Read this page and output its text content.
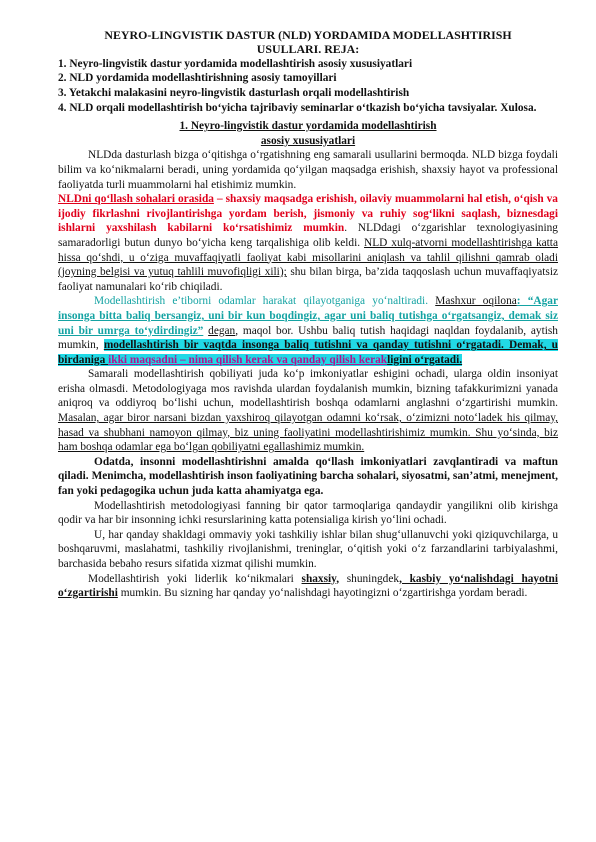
NEYRO-LINGVISTIK DASTUR (NLD) YORDAMIDA MODELLASHTIRISH

USULLARI. REJA:

1. Neyro-lingvistik dastur yordamida modellashtirish asosiy xususiyatlari

2. NLD yordamida modellashtirishning asosiy tamoyillari

3. Yetakchi malakasini neyro-lingvistik dasturlash orqali modellashtirish

4. NLD orqali modellashtirish bo‘yicha tajribaviy seminarlar o‘tkazish bo‘yicha tavsiyalar. Xulosa.

1. Neyro-lingvistik dastur yordamida modellashtirish

asosiy xususiyatlari

NLDda dasturlash bizga o‘qitishga o‘rgatishning eng samarali usullarini bermoqda. NLD bizga foydali bilim va ko‘nikmalarni beradi, uning yordamida qo‘yilgan maqsadga erishish, shaxsiy hayot va professional faoliyatda turli muammolarni hal etishimiz mumkin.

NLDni qo‘llash sohalari orasida – shaxsiy maqsadga erishish, oilaviy muammolarni hal etish, o‘qish va ijodiy fikrlashni rivojlantirishga yordam berish, jismoniy va ruhiy sog‘likni saqlash, biznesdagi ishlarni yaxshilash kabilarni ko‘rsatishimiz mumkin. NLDdagi o‘zgarishlar texnologiyasining samaradorligi butun dunyo bo‘yicha keng tarqalishiga olib keldi. NLD xulq-atvorni modellashtirishga katta hissa qo‘shdi, u o‘ziga muvaffaqiyatli faoliyat kabi misollarini aniqlash va tahlil qilishni qamrab oladi (joyning belgisi va yutuq tahlili muvofiqligi xili); shu bilan birga, ba’zida taqqoslash uchun muvaffaqiyatsiz faoliyat namunalari ko‘rib chiqiladi.

Modellashtirish e’tiborni odamlar harakat qilayotganiga yo‘naltiradi. Mashxur oqilona: “Agar insonga bitta baliq bersangiz, uni bir kun boqdingiz, agar uni baliq tutishga o‘rgatsangiz, demak siz uni bir umrga to‘ydirdingiz” degan, maqol bor. Ushbu baliq tutish haqidagi naqldan foydalanib, aytish mumkin, modellashtirish bir vaqtda insonga baliq tutishni va qanday tutishni o‘rgatadi. Demak, u birdaniga ikki maqsadni – nima qilish kerak va qanday qilish kerakligini o‘rgatadi.

Samarali modellashtirish qobiliyati juda ko‘p imkoniyatlar eshigini ochadi, ularga oldin insoniyat erisha olmasdi. Metodologiyaga mos ravishda ulardan foydalanish mumkin, bizning tafakkurimizni yanada aniqroq va oddiyroq bo‘lishi uchun, modellashtirish boshqa odamlarni anglashni o‘zgartirishi mumkin. Masalan, agar biror narsani bizdan yaxshiroq qilayotgan odamni ko‘rsak, o‘zimizni noto‘ladek his qilmay, hasad va shubhani namoyon qilmay, biz uning faoliyatini modellashtirishimiz mumkin. Shu yo‘sinda, biz ham boshqa odamlar ega bo‘lgan qobiliyatni egallashimiz mumkin.

Odatda, insonni modellashtirishni amalda qo‘llash imkoniyatlari zavqlantiradi va maftun qiladi. Menimcha, modellashtirish inson faoliyatining barcha sohalari, siyosatmi, san’atmi, menejment, fan yoki pedagogika uchun juda katta ahamiyatga ega.

Modellashtirish metodologiyasi fanning bir qator tarmoqlariga qandaydir yangilikni olib kirishga qodir va har bir insonning ichki resurslarining katta potensialiga kirish yo‘lini ochadi.

U, har qanday shakldagi ommaviy yoki tashkiliy ishlar bilan shug‘ullanuvchi yoki qiziquvchilarga, u boshqaruvmi, maslahatmi, tashkiliy rivojlanishmi, treninglar, o‘qitish yoki o‘z farzandlarini tarbiyalashmi, barchasida bebaho resurs sifatida xizmat qilishi mumkin.

Modellashtirish yoki liderlik ko‘nikmalari shaxsiy, shuningdek, kasbiy yo‘nalishdagi hayotni o‘zgartirishi mumkin. Bu sizning har qanday yo‘nalishdagi hayotingizni o‘zgartirishga yordam beradi.
